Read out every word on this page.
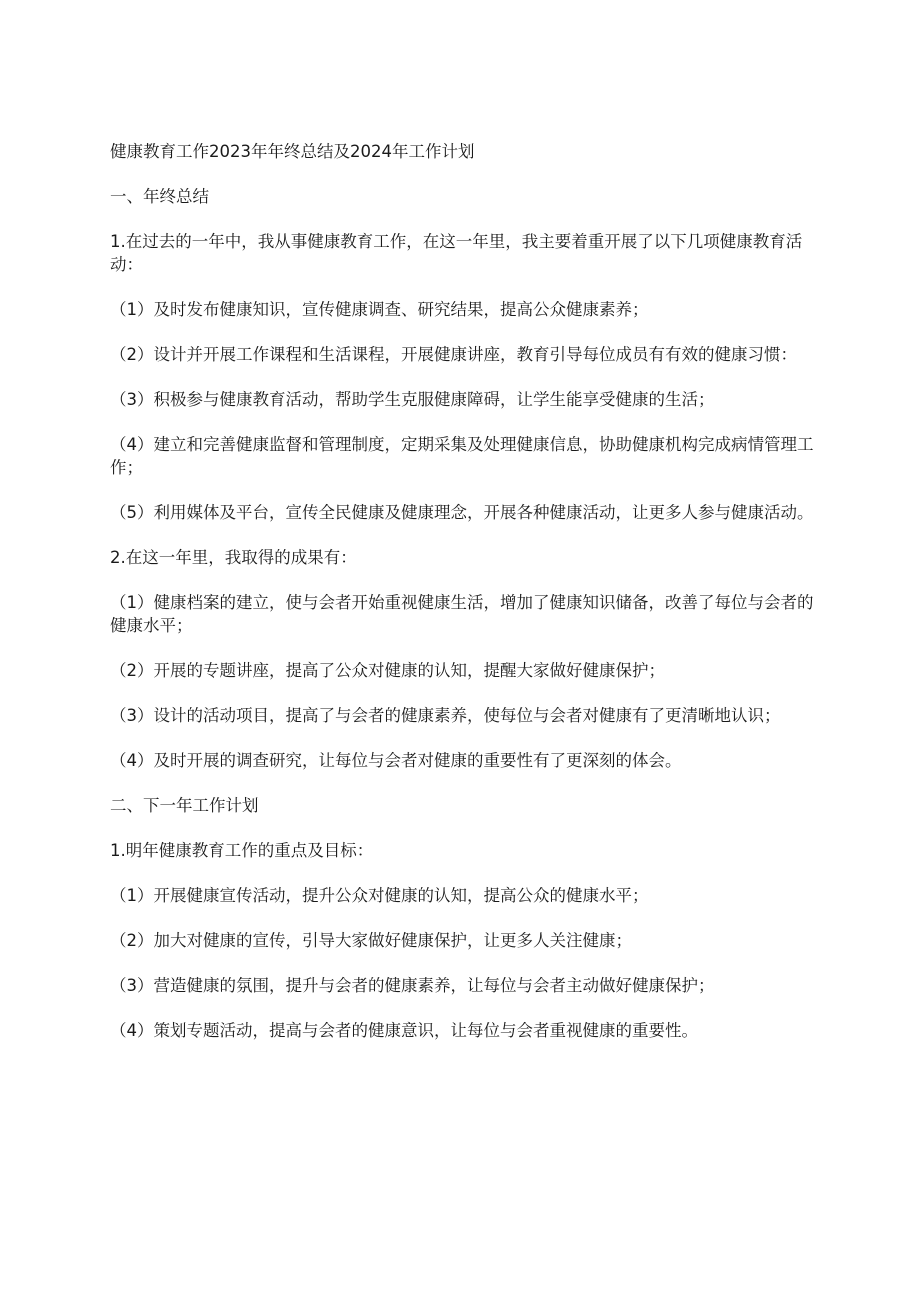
健康教育工作2023年年终总结及2024年工作计划
一、年终总结
1.在过去的一年中，我从事健康教育工作，在这一年里，我主要着重开展了以下几项健康教育活动：
（1）及时发布健康知识，宣传健康调查、研究结果，提高公众健康素养；
（2）设计并开展工作课程和生活课程，开展健康讲座，教育引导每位成员有有效的健康习惯：
（3）积极参与健康教育活动，帮助学生克服健康障碍，让学生能享受健康的生活；
（4）建立和完善健康监督和管理制度，定期采集及处理健康信息，协助健康机构完成病情管理工作；
（5）利用媒体及平台，宣传全民健康及健康理念，开展各种健康活动，让更多人参与健康活动。
2.在这一年里，我取得的成果有：
（1）健康档案的建立，使与会者开始重视健康生活，增加了健康知识储备，改善了每位与会者的健康水平；
（2）开展的专题讲座，提高了公众对健康的认知，提醒大家做好健康保护；
（3）设计的活动项目，提高了与会者的健康素养，使每位与会者对健康有了更清晰地认识；
（4）及时开展的调查研究，让每位与会者对健康的重要性有了更深刻的体会。
二、下一年工作计划
1.明年健康教育工作的重点及目标：
（1）开展健康宣传活动，提升公众对健康的认知，提高公众的健康水平；
（2）加大对健康的宣传，引导大家做好健康保护，让更多人关注健康；
（3）营造健康的氛围，提升与会者的健康素养，让每位与会者主动做好健康保护；
（4）策划专题活动，提高与会者的健康意识，让每位与会者重视健康的重要性。
